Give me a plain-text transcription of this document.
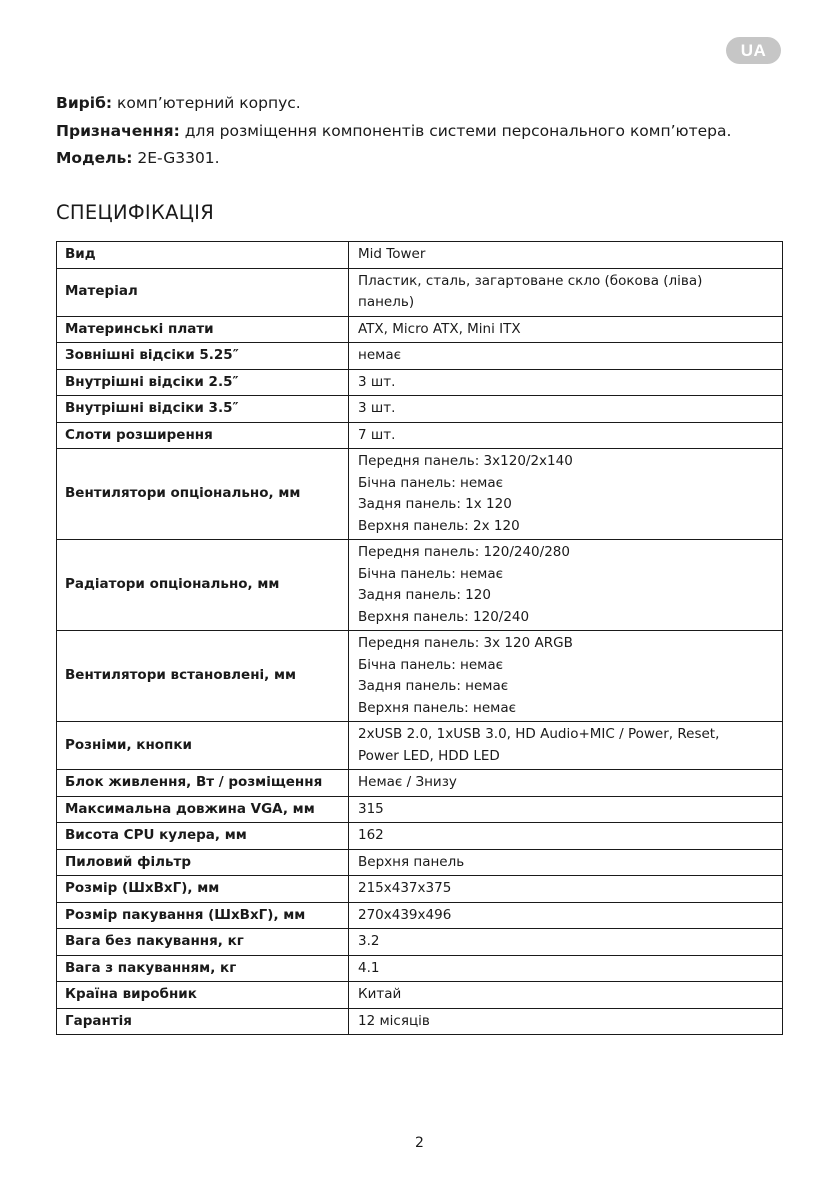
UA
Виріб: комп’ютерний корпус.
Призначення: для розміщення компонентів системи персонального комп’ютера.
Модель: 2E-G3301.
СПЕЦИФІКАЦІЯ
Вид	Mid Tower

Матеріал	Пластик, сталь, загартоване скло (бокова (ліва)
панель)

Материнські плати	ATX, Micro ATX, Mini ITX

Зовнішні відсіки 5.25″	немає

Внутрішні відсіки 2.5″	3 шт.

Внутрішні відсіки 3.5″	3 шт.

Слоти розширення	7 шт.

Вентилятори опціонально, мм	Передня панель: 3x120/2x140
Бічна панель: немає
Задня панель: 1x 120
Верхня панель: 2x 120

Радіатори опціонально, мм	Передня панель: 120/240/280
Бічна панель: немає
Задня панель: 120
Верхня панель: 120/240

Вентилятори встановлені, мм	Передня панель: 3x 120 ARGB
Бічна панель: немає
Задня панель: немає
Верхня панель: немає

Розніми, кнопки	2xUSB 2.0, 1xUSB 3.0, HD Audio+MIC / Power, Reset,
Power LED, HDD LED

Блок живлення, Вт / розміщення	Немає / Знизу

Максимальна довжина VGA, мм	315

Висота CPU кулера, мм	162

Пиловий фільтр	Верхня панель

Розмір (ШхВхГ), мм	215x437x375

Розмір пакування (ШхВхГ), мм	270x439x496

Вага без пакування, кг	3.2

Вага з пакуванням, кг	4.1

Країна виробник	Китай

Гарантія	12 місяців
2
